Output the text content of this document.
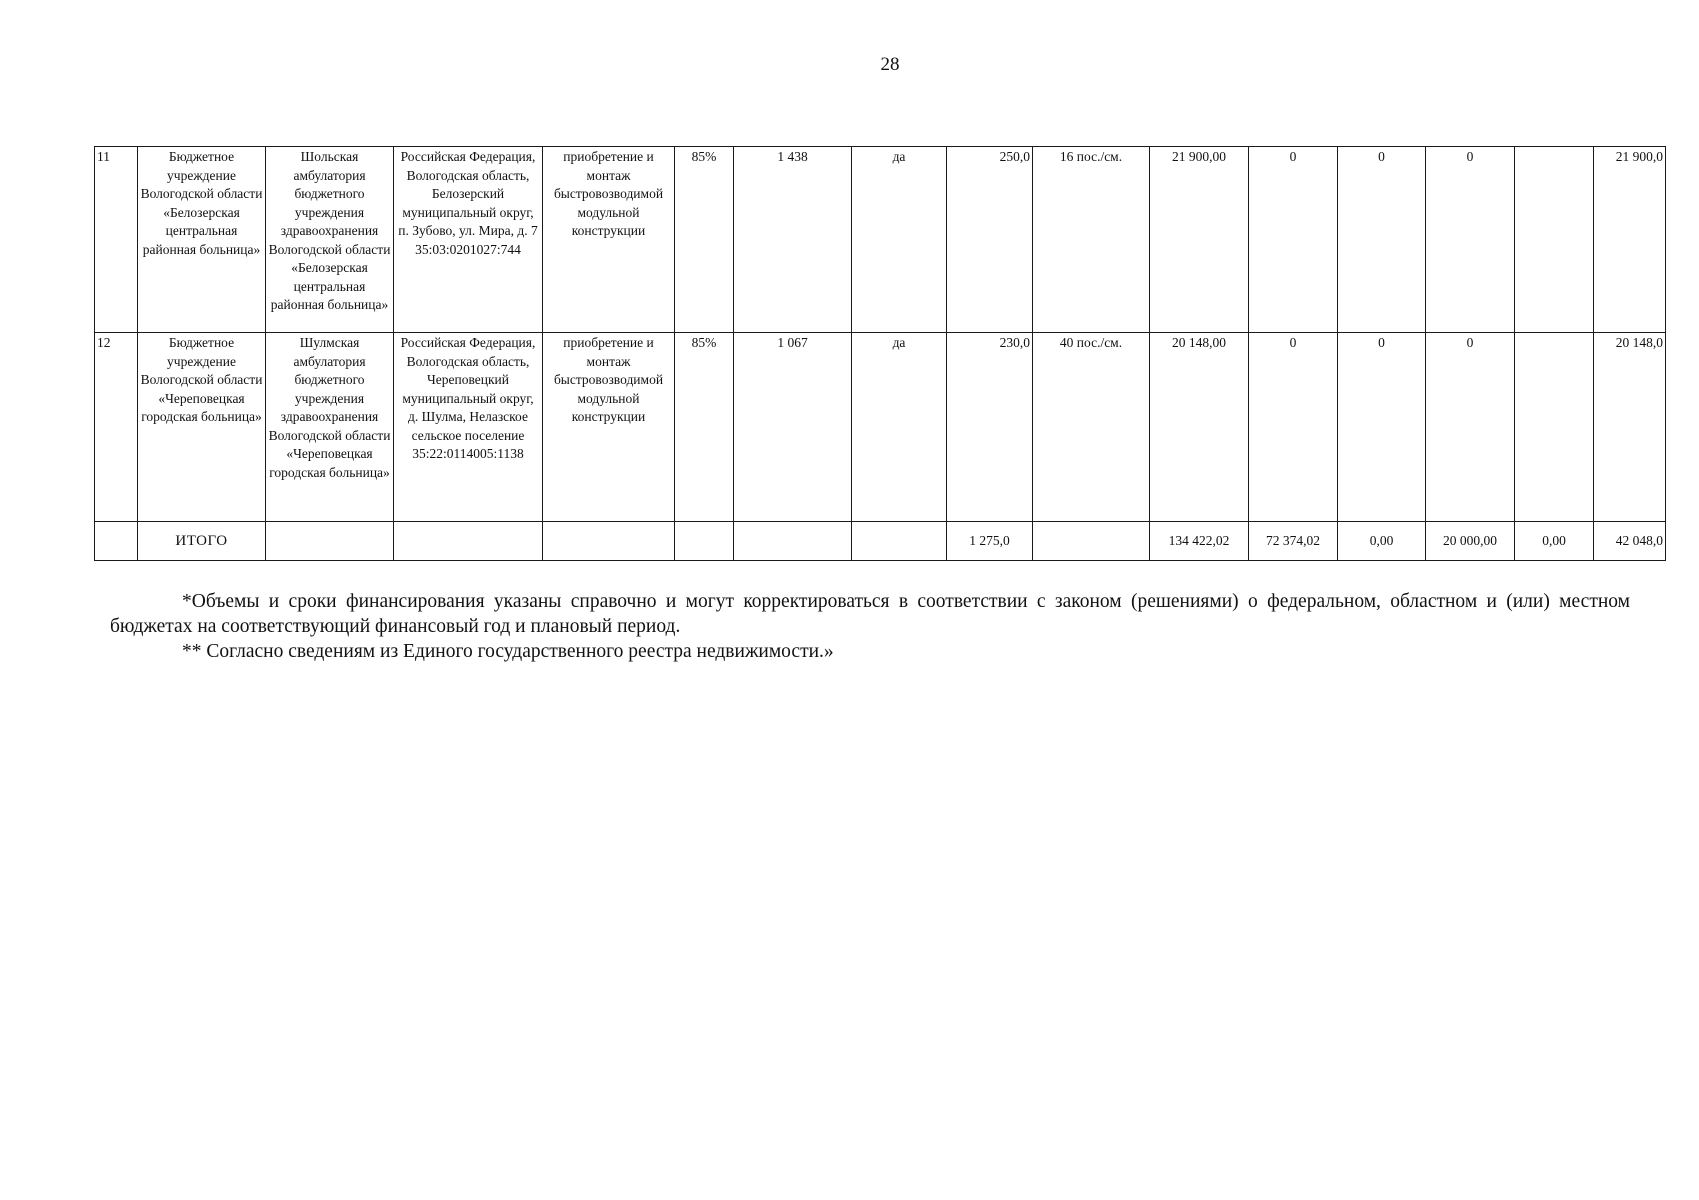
28
11	Бюджетное учреждение Вологодской области «Белозерская центральная районная больница»	Шольская амбулатория бюджетного учреждения здравоохранения Вологодской области «Белозерская центральная районная больница»	Российская Федерация, Вологодская область, Белозерский муниципальный округ, п. Зубово, ул. Мира, д. 7 35:03:0201027:744	приобретение и монтаж быстровозводимой модульной конструкции	85%	1 438	да	250,0	16 пос./см.	21 900,00	0	0	0		21 900,0
12	Бюджетное учреждение Вологодской области «Череповецкая городская больница»	Шулмская амбулатория бюджетного учреждения здравоохранения Вологодской области «Череповецкая городская больница»	Российская Федерация, Вологодская область, Череповецкий муниципальный округ, д. Шулма, Нелазское сельское поселение 35:22:0114005:1138	приобретение и монтаж быстровозводимой модульной конструкции	85%	1 067	да	230,0	40 пос./см.	20 148,00	0	0	0		20 148,0
	ИТОГО							1 275,0		134 422,02	72 374,02	0,00	20 000,00	0,00	42 048,0

*Объемы и сроки финансирования указаны справочно и могут корректироваться в соответствии с законом (решениями) о федеральном, областном и (или) местном бюджетах на соответствующий финансовый год и плановый период.

** Согласно сведениям из Единого государственного реестра недвижимости.»
